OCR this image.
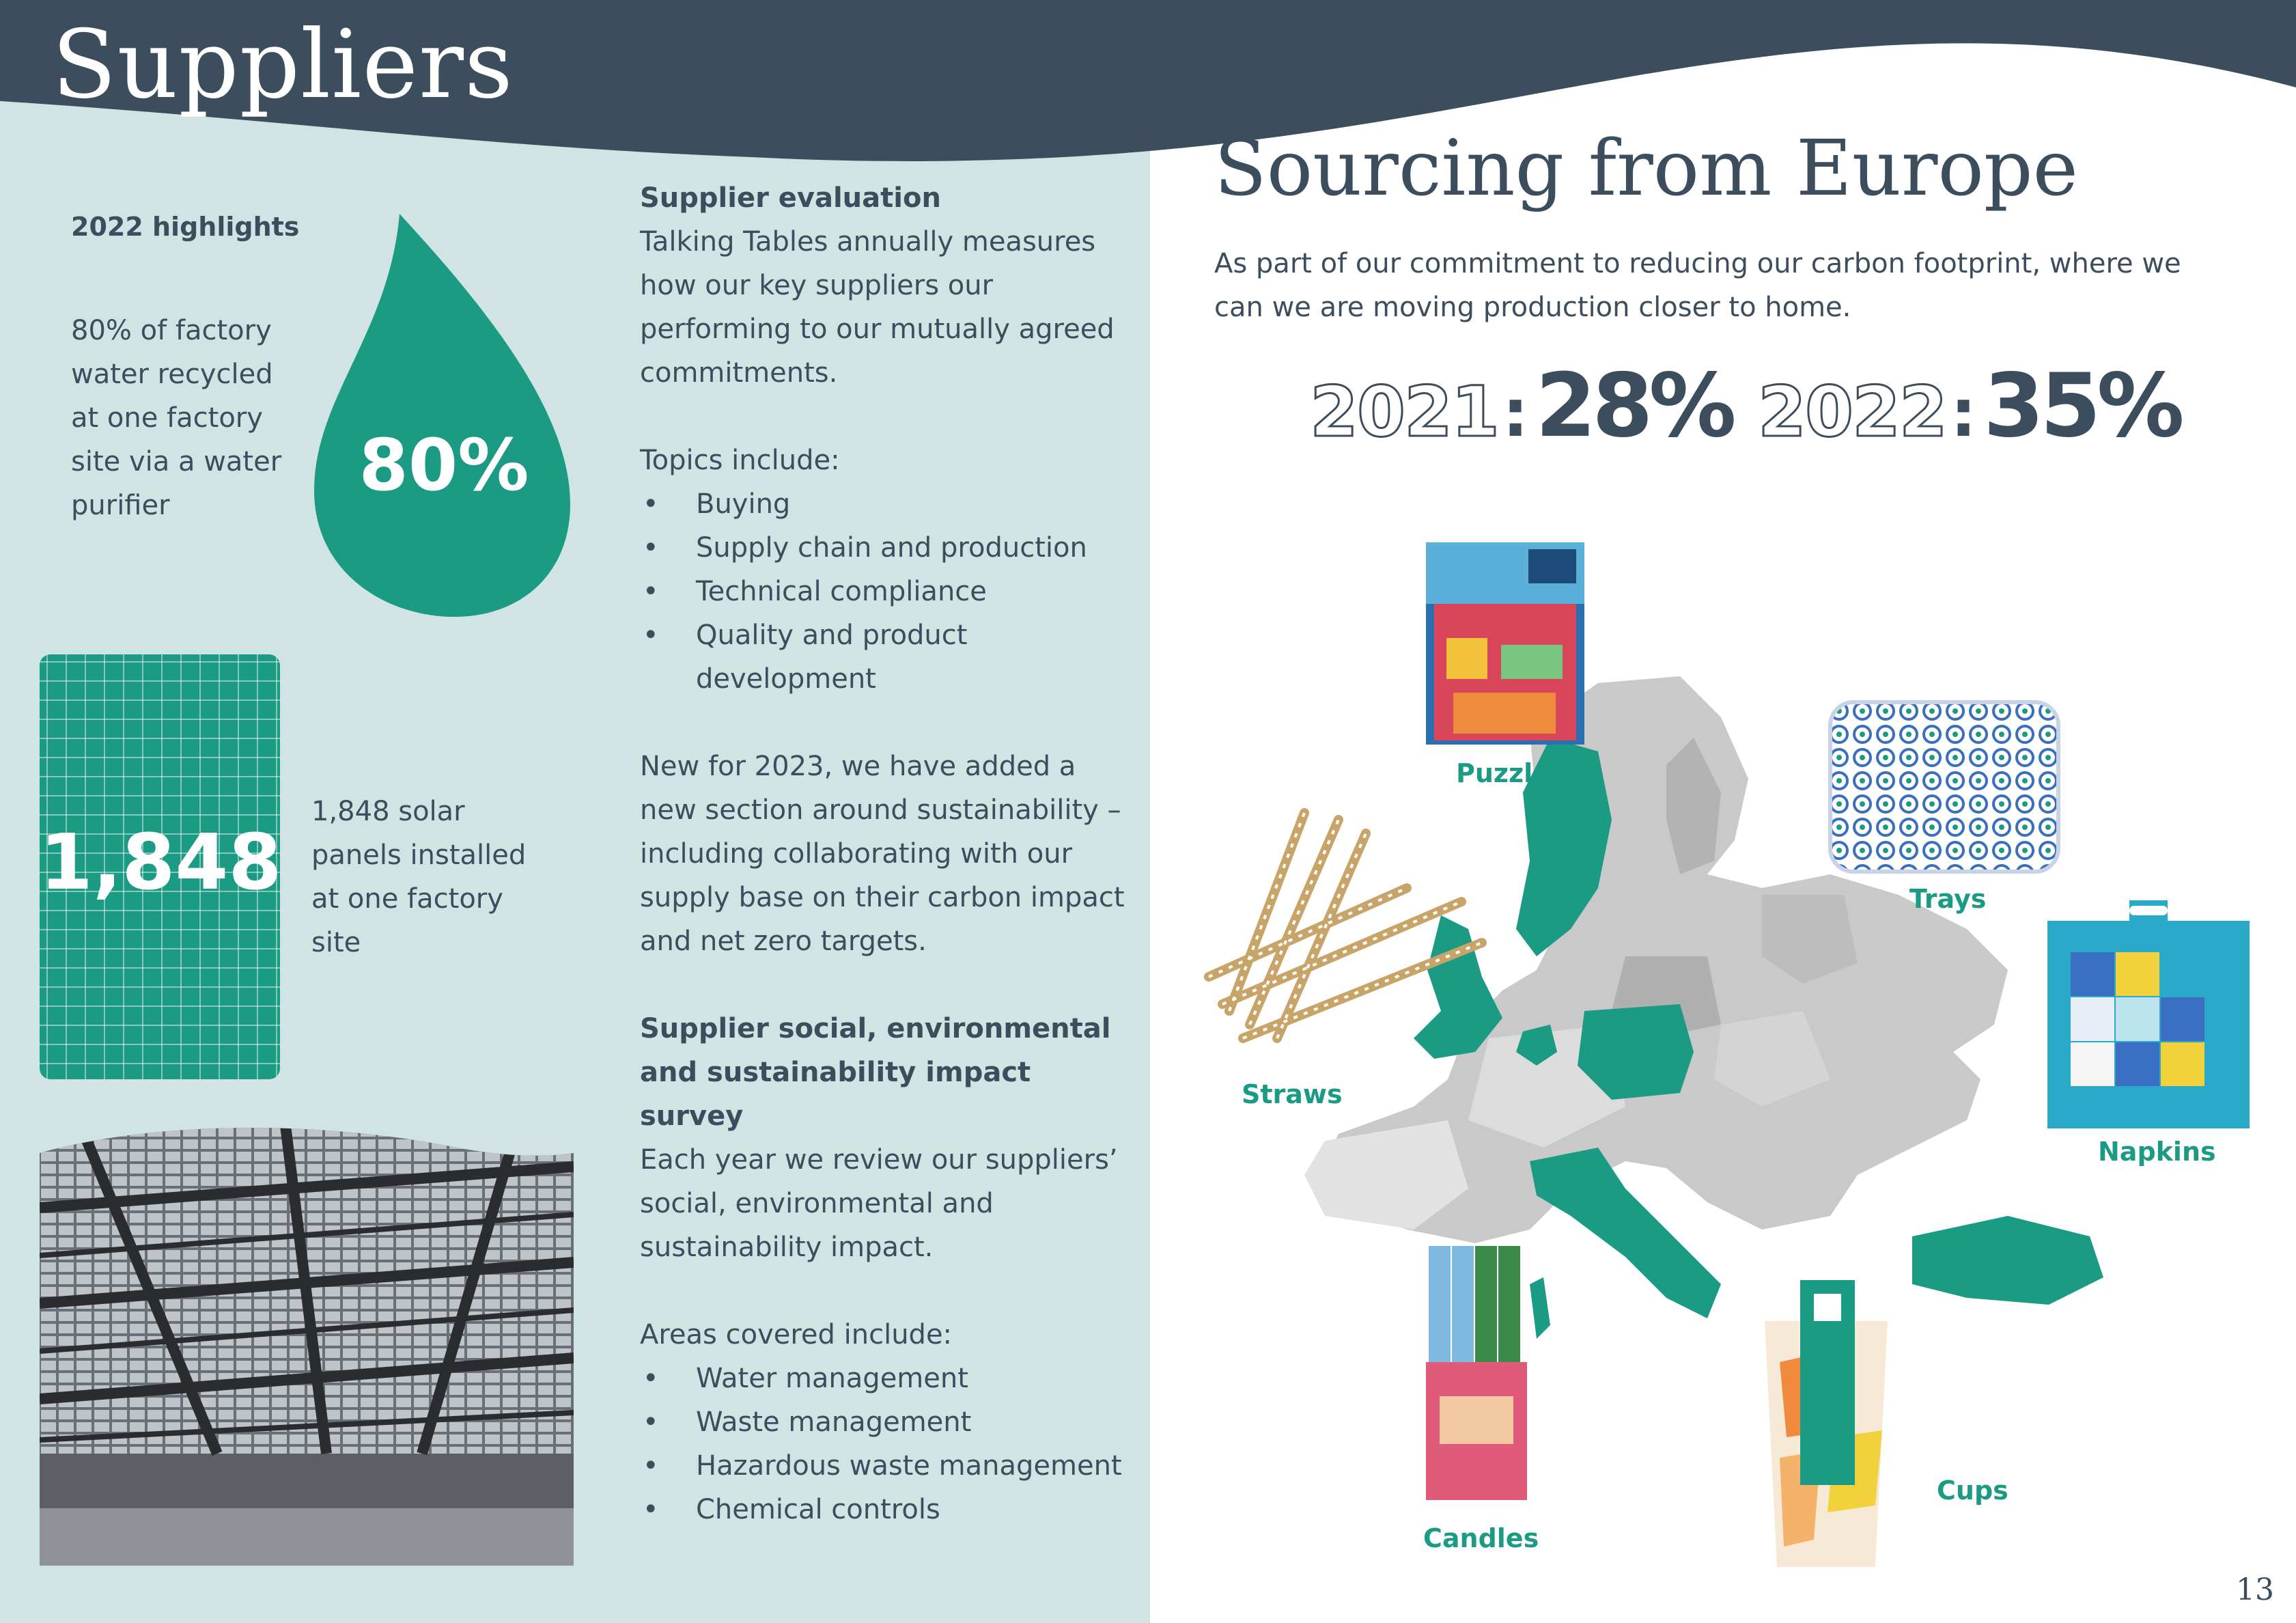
Suppliers
2022 highlights
80% of factory water recycled at one factory site via a water purifier	80%
1,848
1,848 solar panels installed at one factory site

Supplier evaluation

Talking Tables annually measures how our key suppliers our performing to our mutually agreed commitments.

Topics include:

• Buying
• Supply chain and production
• Technical compliance
• Quality and product development

New for 2023, we have added a new section around sustainability – including collaborating with our supply base on their carbon impact and net zero targets.

Supplier social, environmental and sustainability impact survey

Each year we review our suppliers’ social, environmental and sustainability impact.

Areas covered include:

• Water management
• Waste management
• Hazardous waste management
• Chemical controls
Sourcing from Europe

As part of our commitment to reducing our carbon footprint, where we can we are moving production closer to home.

2021 : 28% 2022 : 35%
Puzzles
Trays
Straws
Napkins
Candles
Cups
13
